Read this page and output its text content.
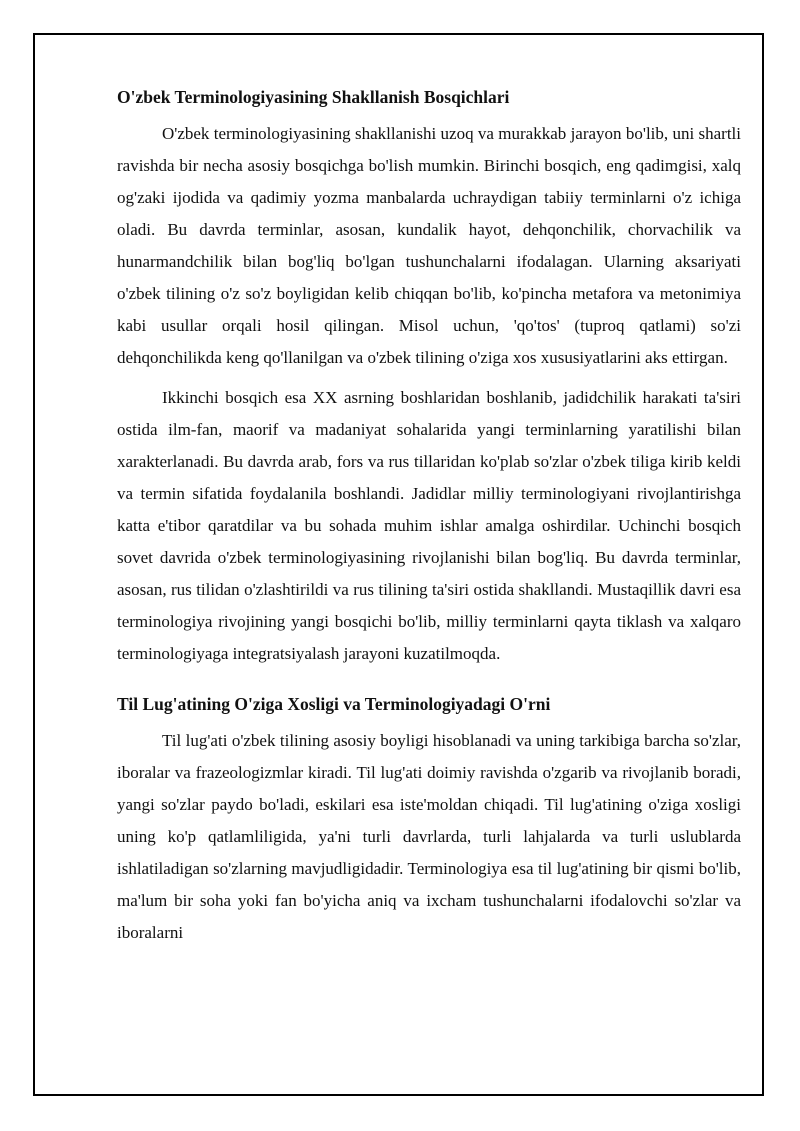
O'zbek Terminologiyasining Shakllanish Bosqichlari

O'zbek terminologiyasining shakllanishi uzoq va murakkab jarayon bo'lib, uni shartli ravishda bir necha asosiy bosqichga bo'lish mumkin. Birinchi bosqich, eng qadimgisi, xalq og'zaki ijodida va qadimiy yozma manbalarda uchraydigan tabiiy terminlarni o'z ichiga oladi. Bu davrda terminlar, asosan, kundalik hayot, dehqonchilik, chorvachilik va hunarmandchilik bilan bog'liq bo'lgan tushunchalarni ifodalagan. Ularning aksariyati o'zbek tilining o'z so'z boyligidan kelib chiqqan bo'lib, ko'pincha metafora va metonimiya kabi usullar orqali hosil qilingan. Misol uchun, 'qo'tos' (tuproq qatlami) so'zi dehqonchilikda keng qo'llanilgan va o'zbek tilining o'ziga xos xususiyatlarini aks ettirgan.

Ikkinchi bosqich esa XX asrning boshlaridan boshlanib, jadidchilik harakati ta'siri ostida ilm-fan, maorif va madaniyat sohalarida yangi terminlarning yaratilishi bilan xarakterlanadi. Bu davrda arab, fors va rus tillaridan ko'plab so'zlar o'zbek tiliga kirib keldi va termin sifatida foydalanila boshlandi. Jadidlar milliy terminologiyani rivojlantirishga katta e'tibor qaratdilar va bu sohada muhim ishlar amalga oshirdilar. Uchinchi bosqich sovet davrida o'zbek terminologiyasining rivojlanishi bilan bog'liq. Bu davrda terminlar, asosan, rus tilidan o'zlashtirildi va rus tilining ta'siri ostida shakllandi. Mustaqillik davri esa terminologiya rivojining yangi bosqichi bo'lib, milliy terminlarni qayta tiklash va xalqaro terminologiyaga integratsiyalash jarayoni kuzatilmoqda.

Til Lug'atining O'ziga Xosligi va Terminologiyadagi O'rni

Til lug'ati o'zbek tilining asosiy boyligi hisoblanadi va uning tarkibiga barcha so'zlar, iboralar va frazeologizmlar kiradi. Til lug'ati doimiy ravishda o'zgarib va rivojlanib boradi, yangi so'zlar paydo bo'ladi, eskilari esa iste'moldan chiqadi. Til lug'atining o'ziga xosligi uning ko'p qatlamliligida, ya'ni turli davrlarda, turli lahjalarda va turli uslublarda ishlatiladigan so'zlarning mavjudligidadir. Terminologiya esa til lug'atining bir qismi bo'lib, ma'lum bir soha yoki fan bo'yicha aniq va ixcham tushunchalarni ifodalovchi so'zlar va iboralarni
